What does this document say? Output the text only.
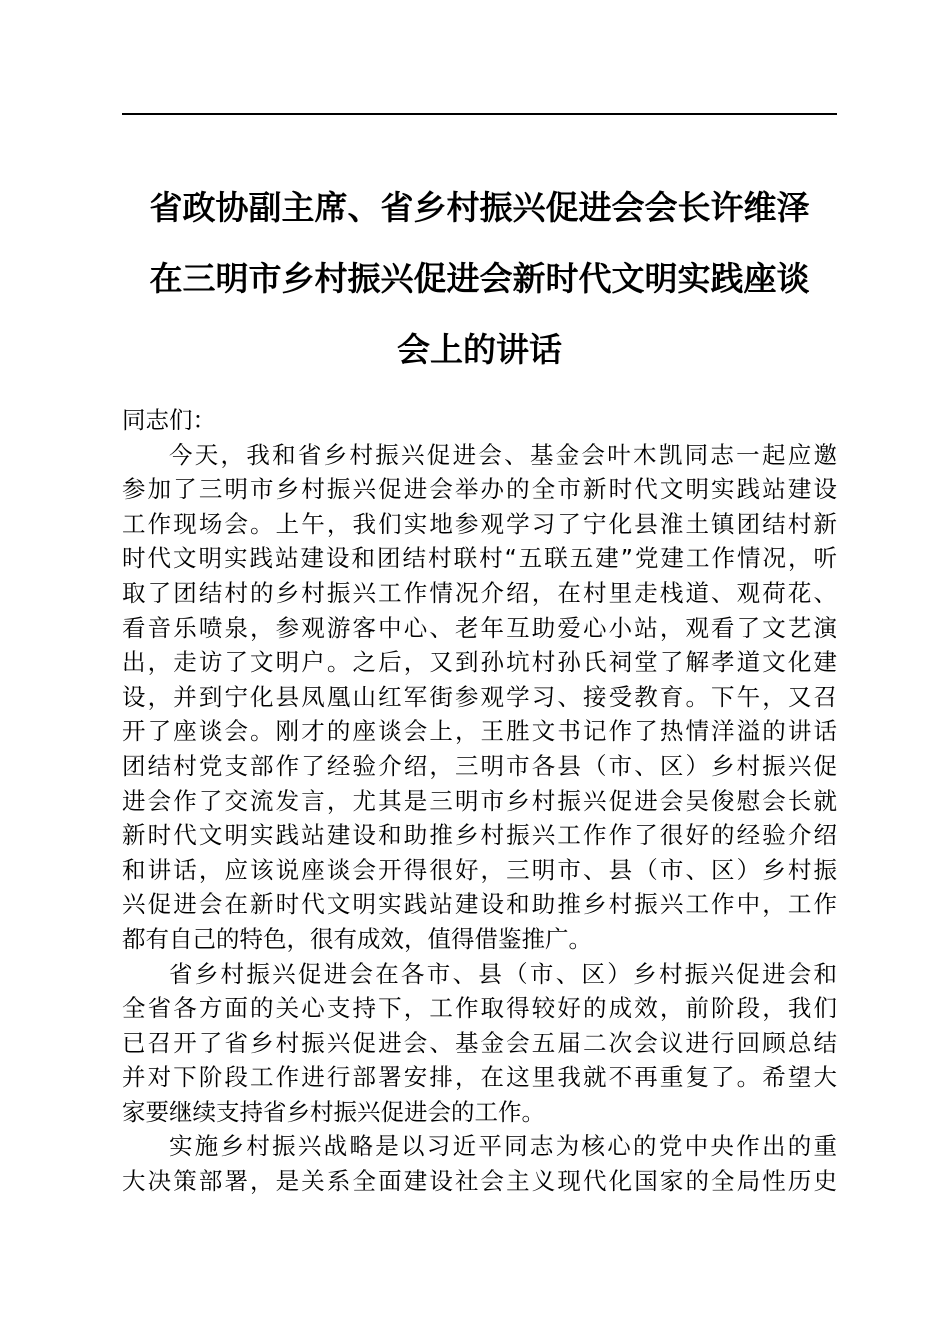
省政协副主席、省乡村振兴促进会会长许维泽
在三明市乡村振兴促进会新时代文明实践座谈
会上的讲话

同志们：

今天，我和省乡村振兴促进会、基金会叶木凯同志一起应邀
参加了三明市乡村振兴促进会举办的全市新时代文明实践站建设
工作现场会。上午，我们实地参观学习了宁化县淮土镇团结村新
时代文明实践站建设和团结村联村“五联五建”党建工作情况，听
取了团结村的乡村振兴工作情况介绍，在村里走栈道、观荷花、
看音乐喷泉，参观游客中心、老年互助爱心小站，观看了文艺演
出，走访了文明户。之后，又到孙坑村孙氏祠堂了解孝道文化建
设，并到宁化县凤凰山红军街参观学习、接受教育。下午，又召
开了座谈会。刚才的座谈会上，王胜文书记作了热情洋溢的讲话
团结村党支部作了经验介绍，三明市各县（市、区）乡村振兴促
进会作了交流发言，尤其是三明市乡村振兴促进会吴俊慰会长就
新时代文明实践站建设和助推乡村振兴工作作了很好的经验介绍
和讲话，应该说座谈会开得很好，三明市、县（市、区）乡村振
兴促进会在新时代文明实践站建设和助推乡村振兴工作中，工作
都有自己的特色，很有成效，值得借鉴推广。

省乡村振兴促进会在各市、县（市、区）乡村振兴促进会和
全省各方面的关心支持下，工作取得较好的成效，前阶段，我们
已召开了省乡村振兴促进会、基金会五届二次会议进行回顾总结
并对下阶段工作进行部署安排，在这里我就不再重复了。希望大
家要继续支持省乡村振兴促进会的工作。

实施乡村振兴战略是以习近平同志为核心的党中央作出的重
大决策部署，是关系全面建设社会主义现代化国家的全局性历史
